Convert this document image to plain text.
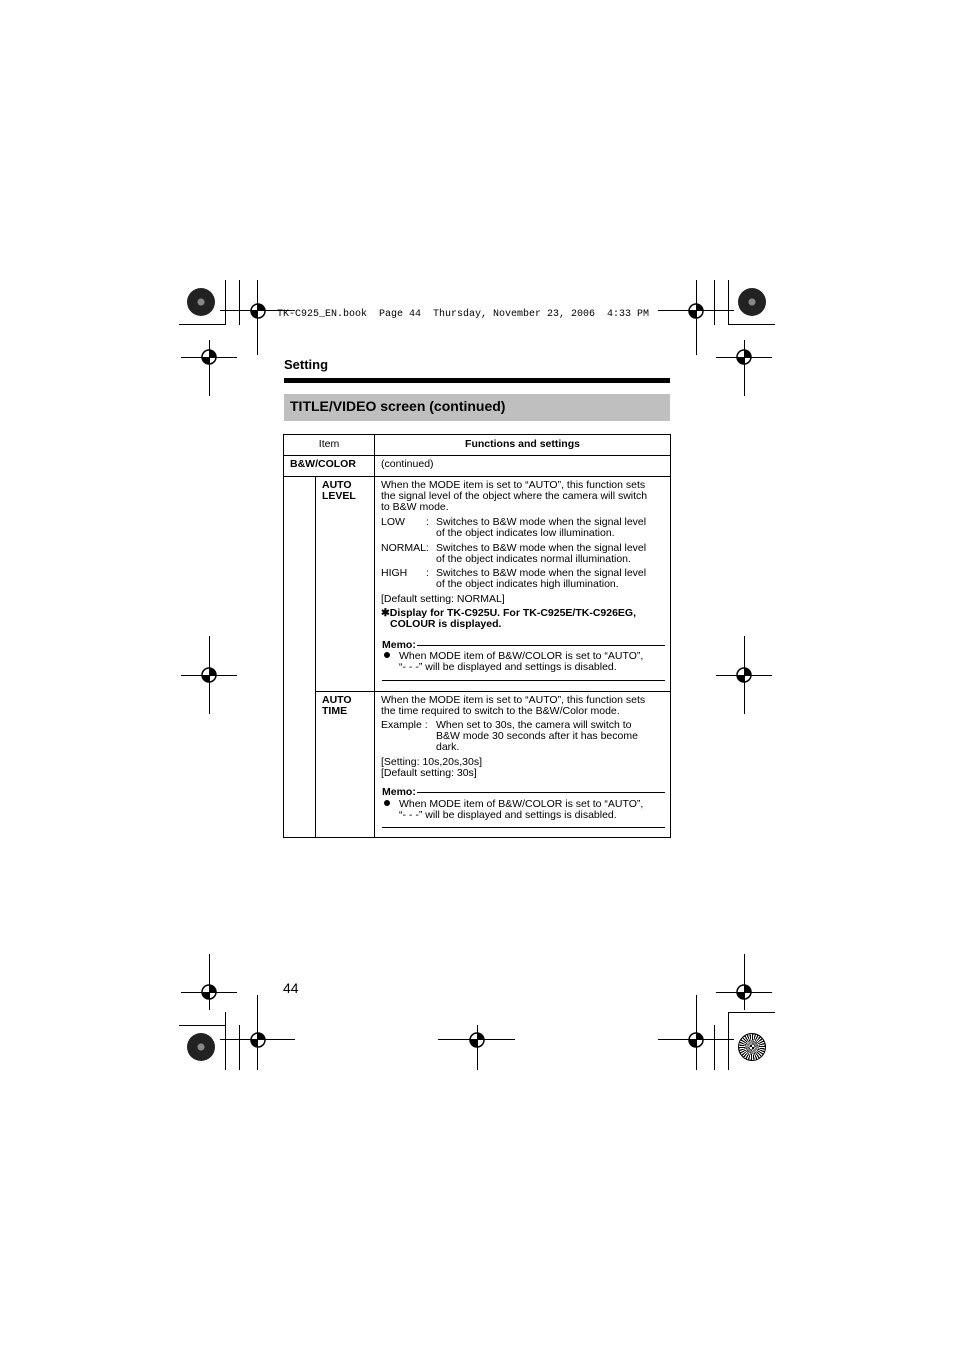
TK-C925_EN.book  Page 44  Thursday, November 23, 2006  4:33 PM
Setting
TITLE/VIDEO screen (continued)
Item	Functions and settings
B&W/COLOR (continued)
AUTO
LEVEL
When the MODE item is set to “AUTO”, this function sets
the signal level of the object where the camera will switch
to B&W mode.
LOW : Switches to B&W mode when the signal level
of the object indicates low illumination.
NORMAL: Switches to B&W mode when the signal level
of the object indicates normal illumination.
HIGH : Switches to B&W mode when the signal level
of the object indicates high illumination.
[Default setting: NORMAL]
✱Display for TK-C925U. For TK-C925E/TK-C926EG,
COLOUR is displayed.
Memo:
When MODE item of B&W/COLOR is set to “AUTO”,
“- - -” will be displayed and settings is disabled.
AUTO
TIME
When the MODE item is set to “AUTO”, this function sets
the time required to switch to the B&W/Color mode.
Example : When set to 30s, the camera will switch to
B&W mode 30 seconds after it has become
dark.
[Setting: 10s,20s,30s]
[Default setting: 30s]
Memo:
When MODE item of B&W/COLOR is set to “AUTO”,
“- - -” will be displayed and settings is disabled.
44
